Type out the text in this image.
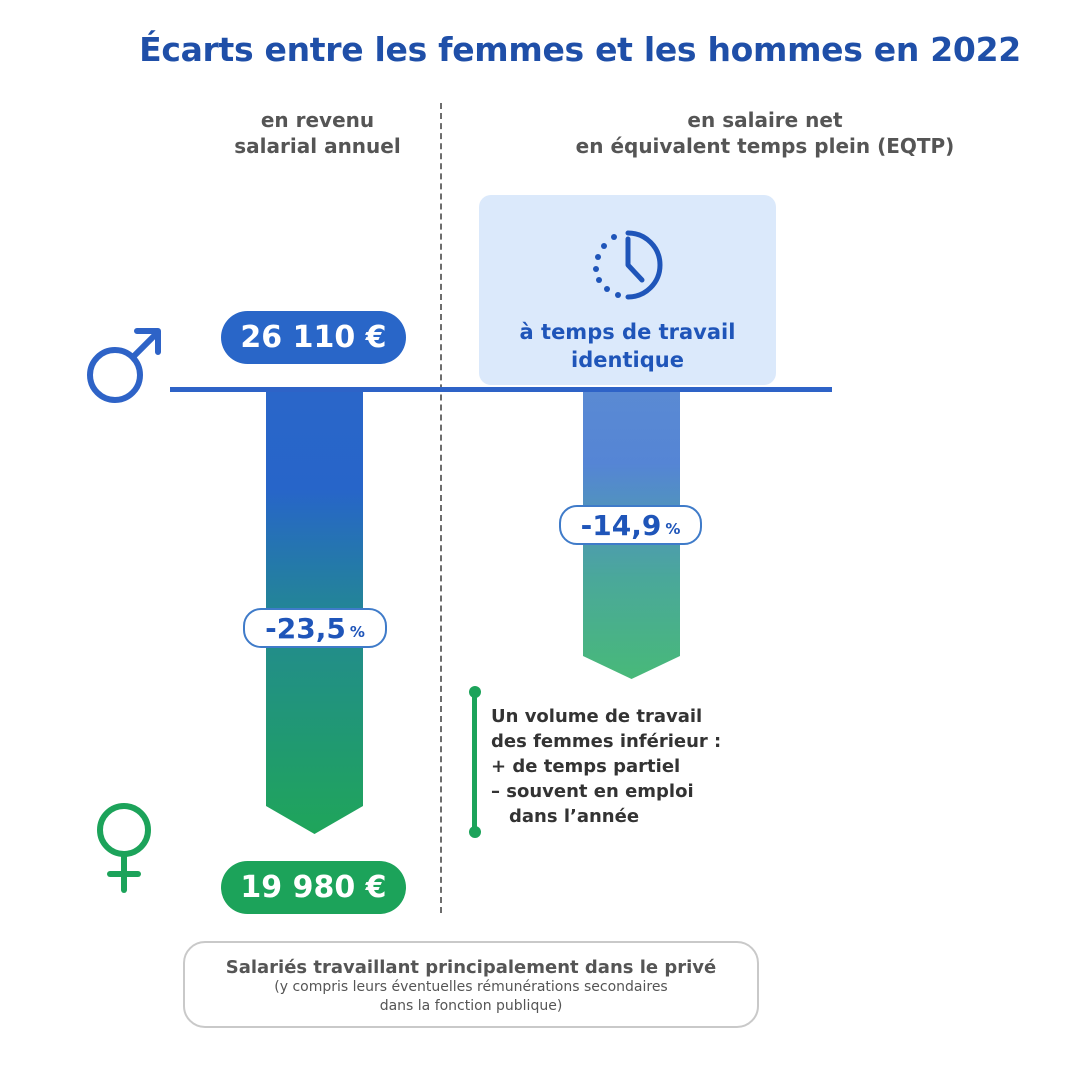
Écarts entre les femmes et les hommes en 2022
en revenu
salarial annuel
en salaire net
en équivalent temps plein (EQTP)
à temps de travail
identique
26 110 €
19 980 €
-23,5 %
-14,9 %
Un volume de travail
des femmes inférieur :
+ de temps partiel
– souvent en emploi
dans l’année
Salariés travaillant principalement dans le privé
(y compris leurs éventuelles rémunérations secondaires
dans la fonction publique)
